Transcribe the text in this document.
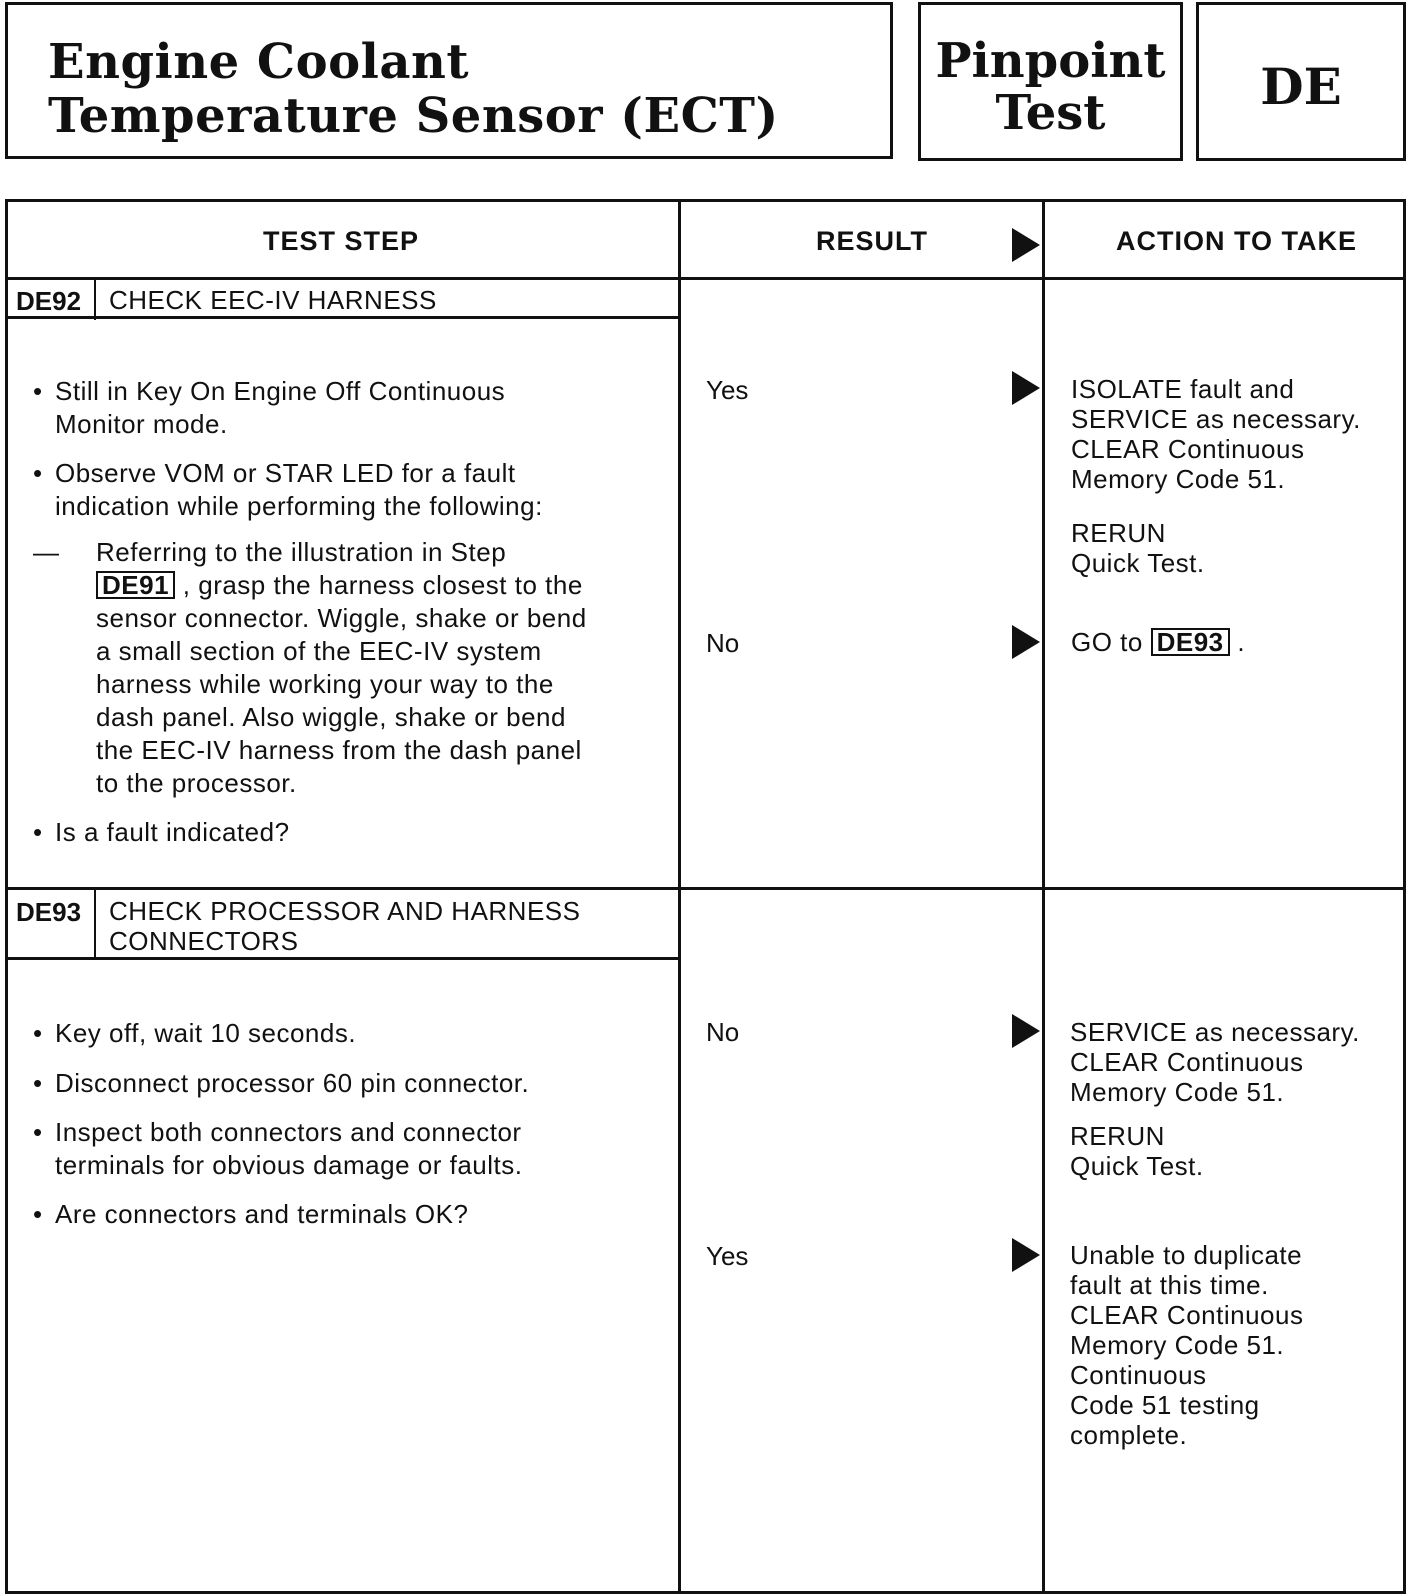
Engine Coolant
Temperature Sensor (ECT)
Pinpoint
Test	DE
TEST STEP	RESULT	ACTION TO TAKE
DE92 CHECK EEC-IV HARNESS
• Still in Key On Engine Off Continuous
Monitor mode.
• Observe VOM or STAR LED for a fault
indication while performing the following:
— Referring to the illustration in Step
DE91 , grasp the harness closest to the
sensor connector. Wiggle, shake or bend
a small section of the EEC-IV system
harness while working your way to the
dash panel. Also wiggle, shake or bend
the EEC-IV harness from the dash panel
to the processor.
• Is a fault indicated?
Yes	ISOLATE fault and
SERVICE as necessary.
CLEAR Continuous
Memory Code 51.
RERUN
Quick Test.
No	GO to DE93 .
DE93 CHECK PROCESSOR AND HARNESS
CONNECTORS
• Key off, wait 10 seconds.
• Disconnect processor 60 pin connector.
• Inspect both connectors and connector
terminals for obvious damage or faults.
• Are connectors and terminals OK?
No	SERVICE as necessary.
CLEAR Continuous
Memory Code 51.
RERUN
Quick Test.
Yes	Unable to duplicate
fault at this time.
CLEAR Continuous
Memory Code 51.
Continuous
Code 51 testing
complete.
